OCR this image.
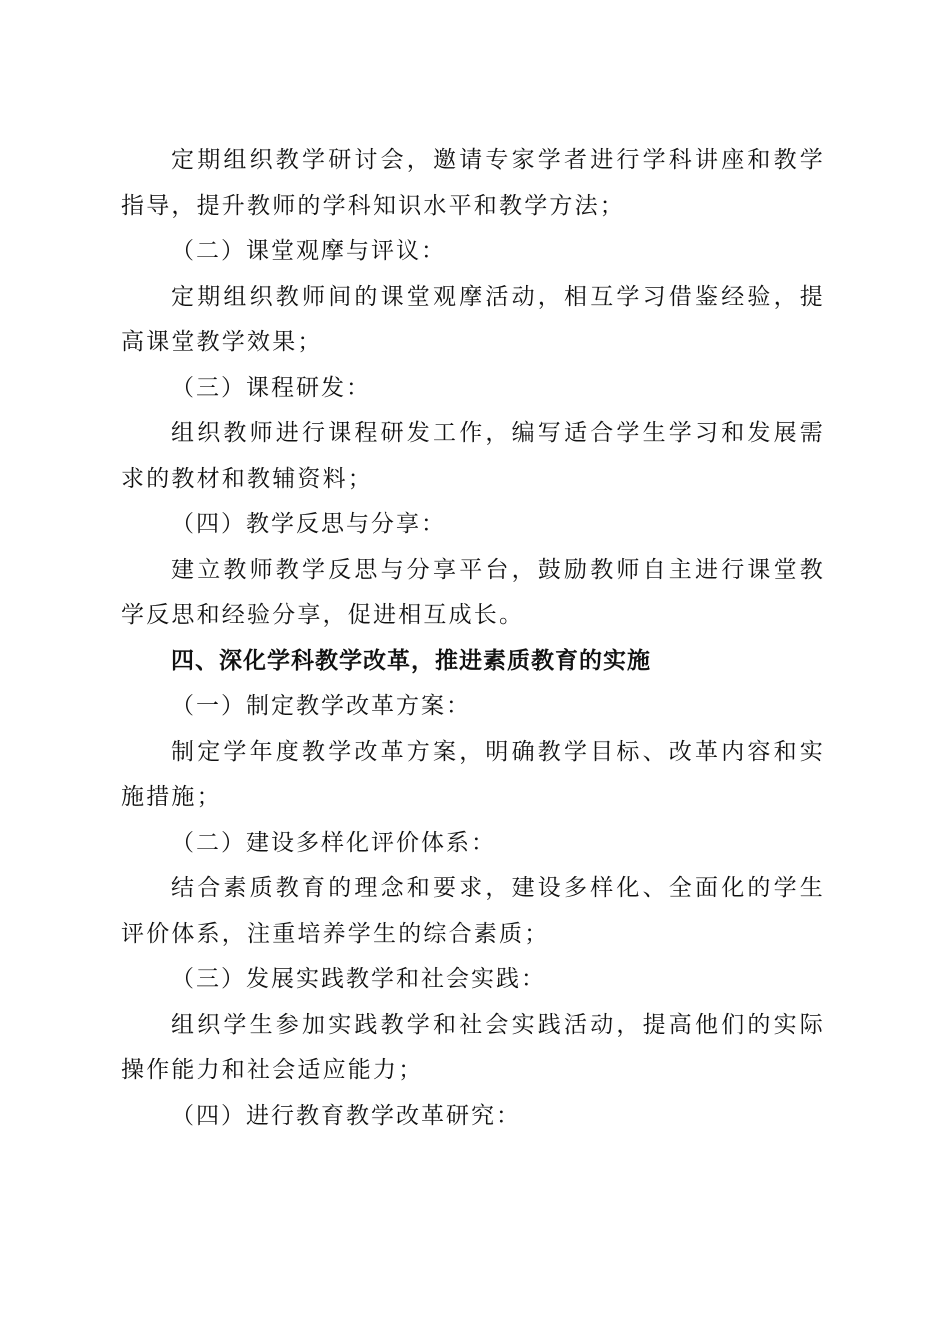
定期组织教学研讨会，邀请专家学者进行学科讲座和教学指导，提升教师的学科知识水平和教学方法；

（二）课堂观摩与评议：

定期组织教师间的课堂观摩活动，相互学习借鉴经验，提高课堂教学效果；

（三）课程研发：

组织教师进行课程研发工作，编写适合学生学习和发展需求的教材和教辅资料；

（四）教学反思与分享：

建立教师教学反思与分享平台，鼓励教师自主进行课堂教学反思和经验分享，促进相互成长。

四、深化学科教学改革，推进素质教育的实施

（一）制定教学改革方案：

制定学年度教学改革方案，明确教学目标、改革内容和实施措施；

（二）建设多样化评价体系：

结合素质教育的理念和要求，建设多样化、全面化的学生评价体系，注重培养学生的综合素质；

（三）发展实践教学和社会实践：

组织学生参加实践教学和社会实践活动，提高他们的实际操作能力和社会适应能力；

（四）进行教育教学改革研究：
